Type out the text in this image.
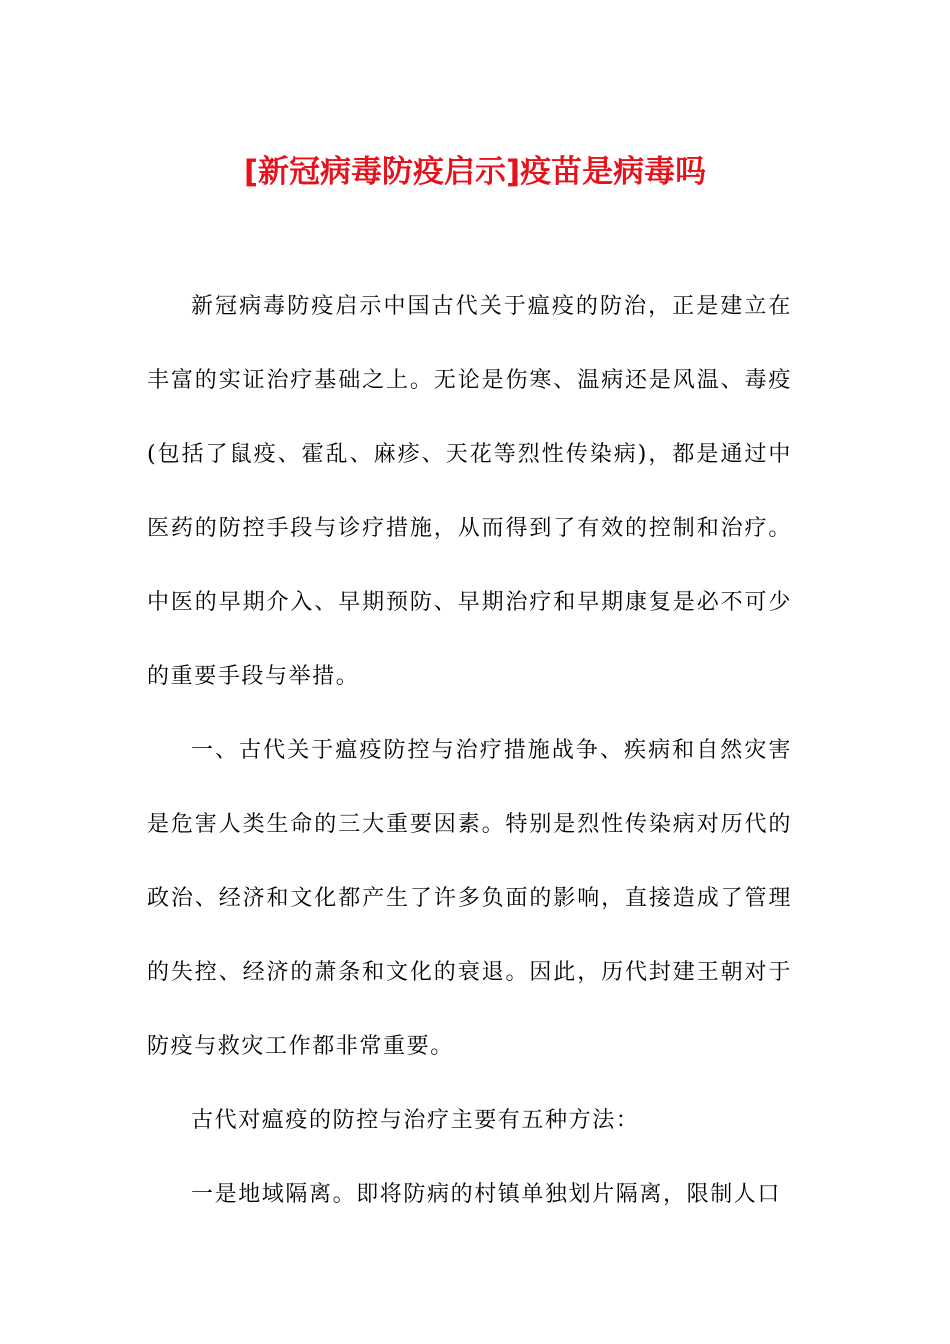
[新冠病毒防疫启示]疫苗是病毒吗

新冠病毒防疫启示中国古代关于瘟疫的防治，正是建立在丰富的实证治疗基础之上。无论是伤寒、温病还是风温、毒疫(包括了鼠疫、霍乱、麻疹、天花等烈性传染病)，都是通过中医药的防控手段与诊疗措施，从而得到了有效的控制和治疗。中医的早期介入、早期预防、早期治疗和早期康复是必不可少的重要手段与举措。

一、古代关于瘟疫防控与治疗措施战争、疾病和自然灾害是危害人类生命的三大重要因素。特别是烈性传染病对历代的政治、经济和文化都产生了许多负面的影响，直接造成了管理的失控、经济的萧条和文化的衰退。因此，历代封建王朝对于防疫与救灾工作都非常重要。

古代对瘟疫的防控与治疗主要有五种方法：

一是地域隔离。即将防病的村镇单独划片隔离，限制人口
